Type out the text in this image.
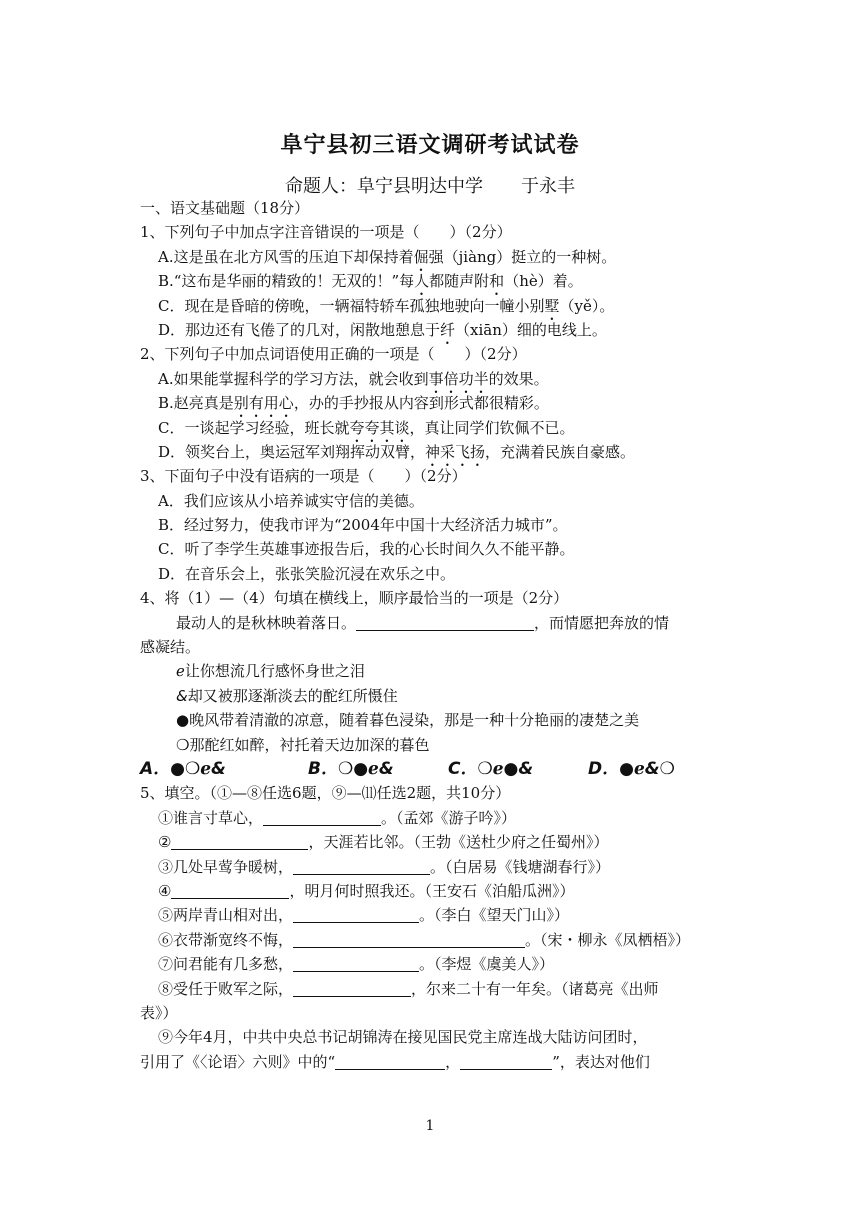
阜宁县初三语文调研考试试卷
命题人：阜宁县明达中学 于永丰
一、语文基础题（18分）
1、下列句子中加点字注音错误的一项是（　　）（2分）
A.这是虽在北方风雪的压迫下却保持着倔强（jiàng）挺立的一种树。
B.“这布是华丽的精致的！无双的！”每人都随声附和（hè）着。
C．现在是昏暗的傍晚，一辆福特轿车孤独地驶向一幢小别墅（yě）。
D．那边还有飞倦了的几对，闲散地憩息于纤（xiān）细的电线上。
2、下列句子中加点词语使用正确的一项是（　　）（2分）
A.如果能掌握科学的学习方法，就会收到事倍功半的效果。
B.赵亮真是别有用心，办的手抄报从内容到形式都很精彩。
C．一谈起学习经验，班长就夸夸其谈，真让同学们钦佩不已。
D．领奖台上，奥运冠军刘翔挥动双臂，神采飞扬，充满着民族自豪感。
3、下面句子中没有语病的一项是（　　）（2分）
A．我们应该从小培养诚实守信的美德。
B．经过努力，使我市评为“2004年中国十大经济活力城市”。
C．听了李学生英雄事迹报告后，我的心长时间久久不能平静。
D．在音乐会上，张张笑脸沉浸在欢乐之中。
4、将（1）—（4）句填在横线上，顺序最恰当的一项是（2分）
最动人的是秋林映着落日。	，而情愿把奔放的情
感凝结。
ℯ让你想流几行感怀身世之泪
&却又被那逐渐淡去的酡红所慑住
●晚风带着清澈的凉意，随着暮色浸染，那是一种十分艳丽的凄楚之美
❍那酡红如醉，衬托着天边加深的暮色
A．●❍ℯ&	B．❍●ℯ&	C．❍ℯ●&	D．●ℯ&❍
5、填空。（①—⑧任选6题，⑨—⑾任选2题，共10分）
①谁言寸草心，	。（孟郊《游子吟》）
②	，天涯若比邻。（王勃《送杜少府之任蜀州》）
③几处早莺争暖树，	。（白居易《钱塘湖春行》）
④	，明月何时照我还。（王安石《泊船瓜洲》）
⑤两岸青山相对出，	。（李白《望天门山》）
⑥衣带渐宽终不悔，	。（宋・柳永《凤栖梧》）
⑦问君能有几多愁，	。（李煜《虞美人》）
⑧受任于败军之际，	，尔来二十有一年矣。（诸葛亮《出师
表》）
⑨今年4月，中共中央总书记胡锦涛在接见国民党主席连战大陆访问团时，
引用了《〈论语〉六则》中的“	，	”，表达对他们
1
